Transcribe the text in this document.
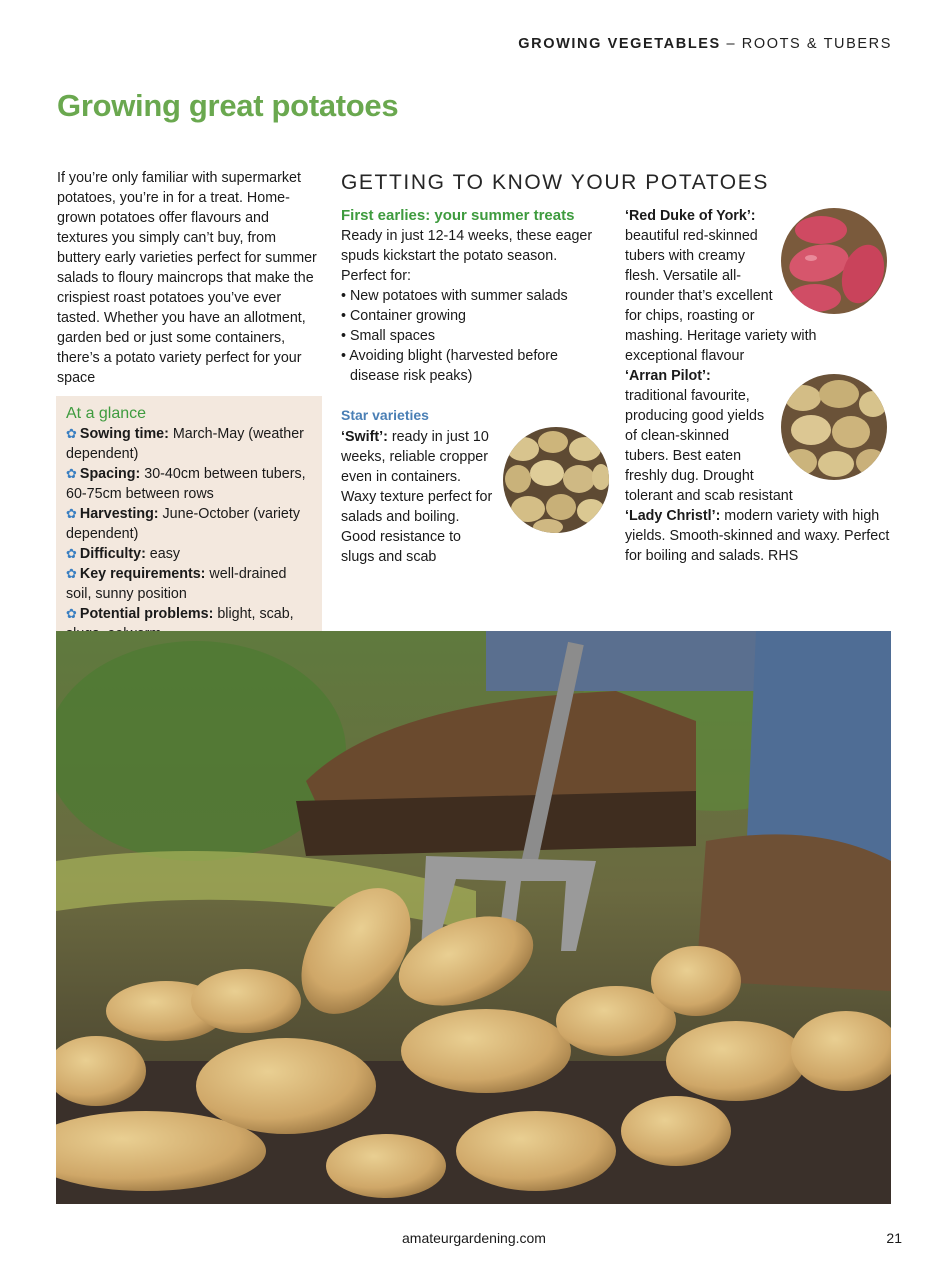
GROWING VEGETABLES – ROOTS & TUBERS
Growing great potatoes
If you’re only familiar with supermarket potatoes, you’re in for a treat. Home-grown potatoes offer flavours and textures you simply can’t buy, from buttery early varieties perfect for summer salads to floury maincrops that make the crispiest roast potatoes you’ve ever tasted. Whether you have an allotment, garden bed or just some containers, there’s a potato variety perfect for your space
At a glance
✿ Sowing time: March-May (weather dependent)
✿ Spacing: 30-40cm between tubers, 60-75cm between rows
✿ Harvesting: June-October (variety dependent)
✿ Difficulty: easy
✿ Key requirements: well-drained soil, sunny position
✿ Potential problems: blight, scab,
GETTING TO KNOW YOUR POTATOES
First earlies: your summer treats
Ready in just 12-14 weeks, these eager spuds kickstart the potato season. Perfect for:
• New potatoes with summer salads
• Container growing
• Small spaces
• Avoiding blight (harvested before disease risk peaks)
Star varieties
‘Swift’: ready in just 10 weeks, reliable cropper even in containers. Waxy texture perfect for salads and boiling. Good resistance to slugs and scab
‘Red Duke of York’: beautiful red-skinned tubers with creamy flesh. Versatile all-rounder that’s excellent for chips, roasting or mashing. Heritage variety with exceptional flavour

‘Arran Pilot’: traditional favourite, producing good yields of clean-skinned tubers. Best eaten freshly dug. Drought tolerant and scab resistant
‘Lady Christl’: modern variety with high yields. Smooth-skinned and waxy. Perfect for boiling and salads. RHS
amateurgardening.com	21
